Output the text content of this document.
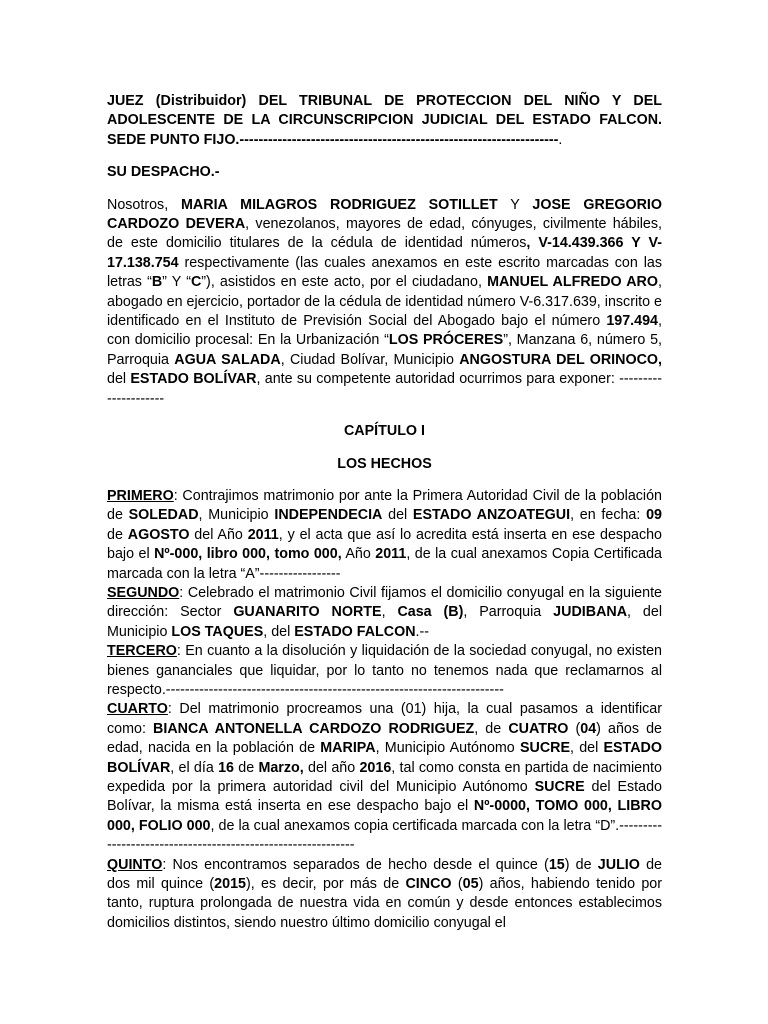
JUEZ (Distribuidor) DEL TRIBUNAL DE PROTECCION DEL NIÑO Y DEL ADOLESCENTE DE LA CIRCUNSCRIPCION JUDICIAL DEL ESTADO FALCON. SEDE PUNTO FIJO.-------------------------------------------------------------------.

SU DESPACHO.-

Nosotros, MARIA MILAGROS RODRIGUEZ SOTILLET Y JOSE GREGORIO CARDOZO DEVERA, venezolanos, mayores de edad, cónyuges, civilmente hábiles, de este domicilio titulares de la cédula de identidad números, V-14.439.366 Y V-17.138.754 respectivamente (las cuales anexamos en este escrito marcadas con las letras “B” Y “C”), asistidos en este acto, por el ciudadano, MANUEL ALFREDO ARO, abogado en ejercicio, portador de la cédula de identidad número V-6.317.639, inscrito e identificado en el Instituto de Previsión Social del Abogado bajo el número 197.494, con domicilio procesal: En la Urbanización “LOS PRÓCERES”, Manzana 6, número 5, Parroquia AGUA SALADA, Ciudad Bolívar, Municipio ANGOSTURA DEL ORINOCO, del ESTADO BOLÍVAR, ante su competente autoridad ocurrimos para exponer: ---------------------

CAPÍTULO I

LOS HECHOS

PRIMERO: Contrajimos matrimonio por ante la Primera Autoridad Civil de la población de SOLEDAD, Municipio INDEPENDECIA del ESTADO ANZOATEGUI, en fecha: 09 de AGOSTO del Año 2011, y el acta que así lo acredita está inserta en ese despacho bajo el Nº-000, libro 000, tomo 000, Año 2011, de la cual anexamos Copia Certificada marcada con la letra “A”-----------------

SEGUNDO: Celebrado el matrimonio Civil fijamos el domicilio conyugal en la siguiente dirección: Sector GUANARITO NORTE, Casa (B), Parroquia JUDIBANA, del Municipio LOS TAQUES, del ESTADO FALCON.--

TERCERO: En cuanto a la disolución y liquidación de la sociedad conyugal, no existen bienes gananciales que liquidar, por lo tanto no tenemos nada que reclamarnos al respecto.-----------------------------------------------------------------------

CUARTO: Del matrimonio procreamos una (01) hija, la cual pasamos a identificar como: BIANCA ANTONELLA CARDOZO RODRIGUEZ, de CUATRO (04) años de edad, nacida en la población de MARIPA, Municipio Autónomo SUCRE, del ESTADO BOLÍVAR, el día 16 de Marzo, del año 2016, tal como consta en partida de nacimiento expedida por la primera autoridad civil del Municipio Autónomo SUCRE del Estado Bolívar, la misma está inserta en ese despacho bajo el Nº-0000, TOMO 000, LIBRO 000, FOLIO 000, de la cual anexamos copia certificada marcada con la letra “D”.-------------------------------------------------------------

QUINTO: Nos encontramos separados de hecho desde el quince (15) de JULIO de dos mil quince (2015), es decir, por más de CINCO (05) años, habiendo tenido por tanto, ruptura prolongada de nuestra vida en común y desde entonces establecimos domicilios distintos, siendo nuestro último domicilio conyugal el
